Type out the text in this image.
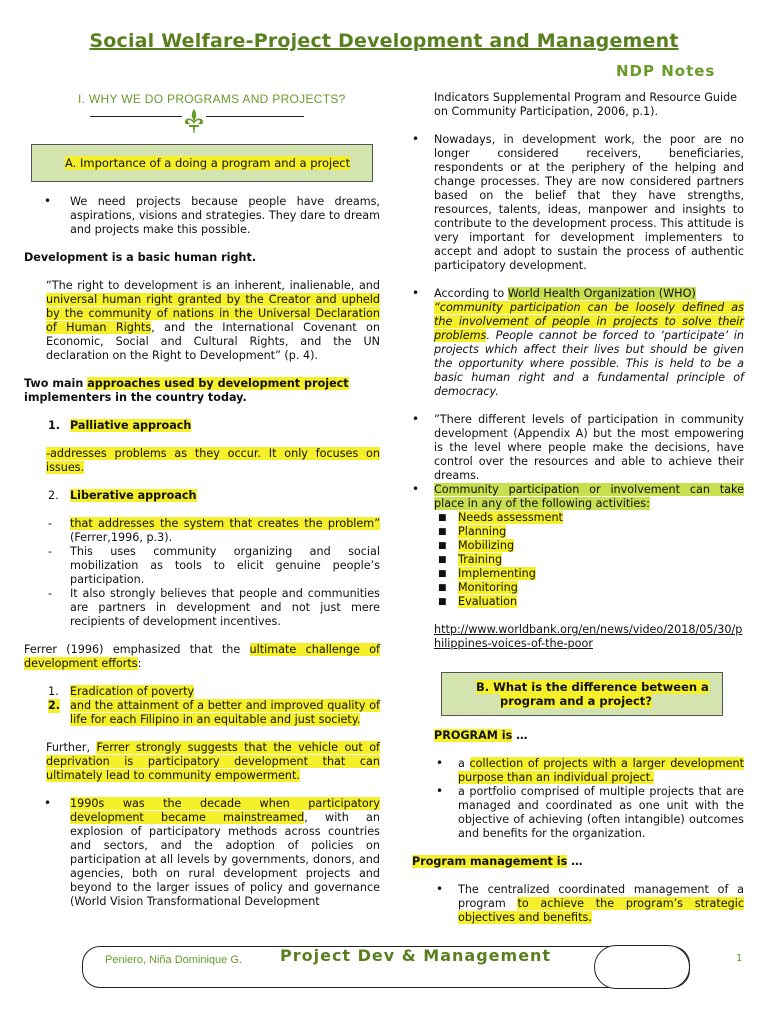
Social Welfare-Project Development and Management
NDP Notes
I. WHY WE DO PROGRAMS AND PROJECTS?
A. Importance of a doing a program and a project
• We need projects because people have dreams, aspirations, visions and strategies. They dare to dream and projects make this possible.

Development is a basic human right.

“The right to development is an inherent, inalienable, and universal human right granted by the Creator and upheld by the community of nations in the Universal Declaration of Human Rights, and the International Covenant on Economic, Social and Cultural Rights, and the UN declaration on the Right to Development” (p. 4).

Two main approaches used by development project implementers in the country today.

1. Palliative approach

-addresses problems as they occur. It only focuses on issues.

2. Liberative approach
- that addresses the system that creates the problem” (Ferrer,1996, p.3).

- This uses community organizing and social mobilization as tools to elicit genuine people’s participation.

- It also strongly believes that people and communities are partners in development and not just mere recipients of development incentives.

Ferrer (1996) emphasized that the ultimate challenge of development efforts:

1. Eradication of poverty
2. and the attainment of a better and improved quality of life for each Filipino in an equitable and just society.

Further, Ferrer strongly suggests that the vehicle out of deprivation is participatory development that can ultimately lead to community empowerment.

• 1990s was the decade when participatory development became mainstreamed, with an explosion of participatory methods across countries and sectors, and the adoption of policies on participation at all levels by governments, donors, and agencies, both on rural development projects and beyond to the larger issues of policy and governance (World Vision Transformational Development

Indicators Supplemental Program and Resource Guide on Community Participation, 2006, p.1).

• Nowadays, in development work, the poor are no longer considered receivers, beneficiaries, respondents or at the periphery of the helping and change processes. They are now considered partners based on the belief that they have strengths, resources, talents, ideas, manpower and insights to contribute to the development process. This attitude is very important for development implementers to accept and adopt to sustain the process of authentic participatory development.

• According to World Health Organization (WHO)
“community participation can be loosely defined as the involvement of people in projects to solve their problems. People cannot be forced to ‘participate’ in projects which affect their lives but should be given the opportunity where possible. This is held to be a basic human right and a fundamental principle of democracy.

• ”There different levels of participation in community development (Appendix A) but the most empowering is the level where people make the decisions, have control over the resources and able to achieve their dreams.

• Community participation or involvement can take place in any of the following activities:

■ Needs assessment
■ Planning
■ Mobilizing
■ Training
■ Implementing
■ Monitoring
■ Evaluation

http://www.worldbank.org/en/news/video/2018/05/30/philippines-voices-of-the-poor

B. What is the difference between a
program and a project?

PROGRAM is …

• a collection of projects with a larger development purpose than an individual project.

• a portfolio comprised of multiple projects that are managed and coordinated as one unit with the objective of achieving (often intangible) outcomes and benefits for the organization.

Program management is …

• The centralized coordinated management of a program to achieve the program’s strategic objectives and benefits.

Peniero, Niña Dominique G. Project Dev & Management	1
